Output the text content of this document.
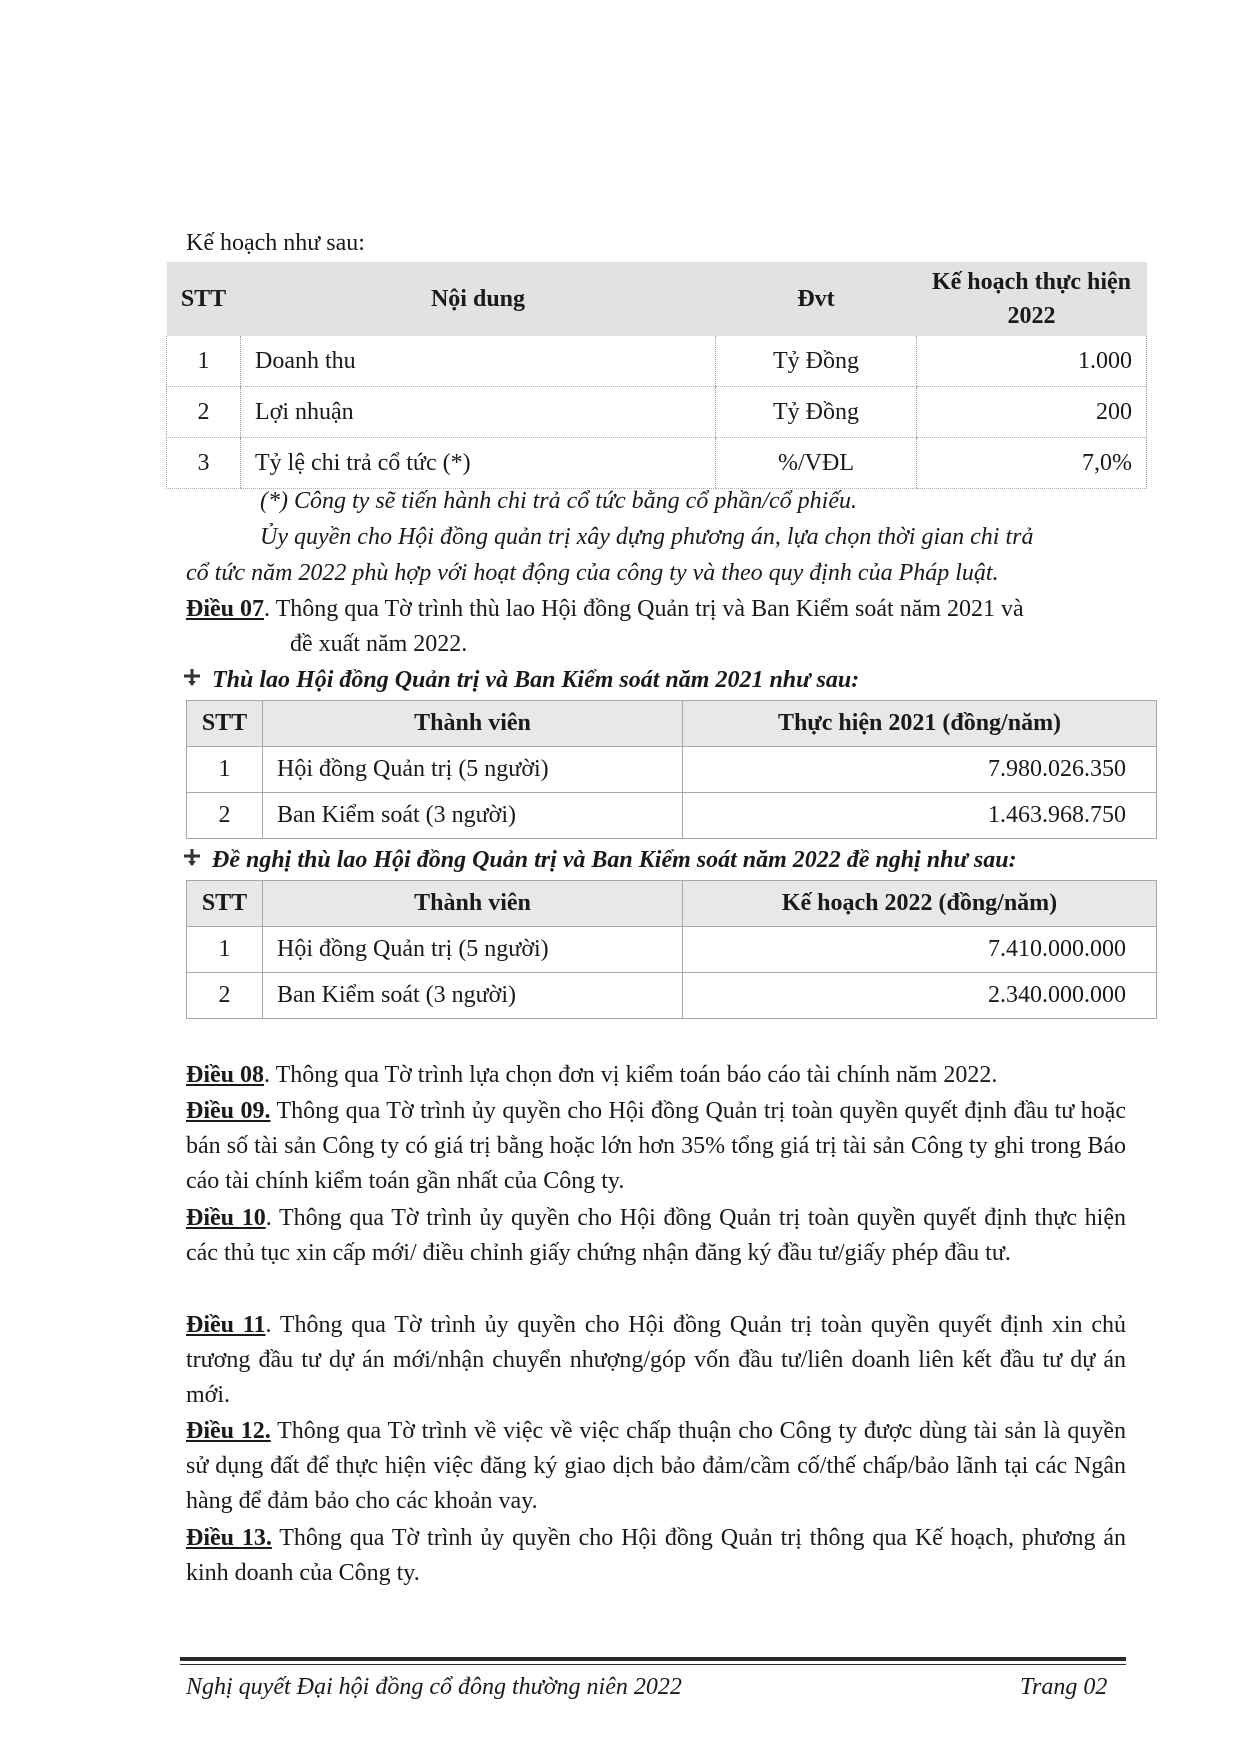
Kế hoạch như sau:
STT	Nội dung	Đvt	Kế hoạch thực hiện 2022
1	Doanh thu	Tỷ Đồng	1.000
2	Lợi nhuận	Tỷ Đồng	200
3	Tỷ lệ chi trả cổ tức (*)	%/VĐL	7,0%
(*) Công ty sẽ tiến hành chi trả cổ tức bằng cổ phần/cổ phiếu.
Ủy quyền cho Hội đồng quản trị xây dựng phương án, lựa chọn thời gian chi trả
cổ tức năm 2022 phù hợp với hoạt động của công ty và theo quy định của Pháp luật.
Điều 07. Thông qua Tờ trình thù lao Hội đồng Quản trị và Ban Kiểm soát năm 2021 và
đề xuất năm 2022.
Thù lao Hội đồng Quản trị và Ban Kiểm soát năm 2021 như sau:
STT	Thành viên	Thực hiện 2021 (đồng/năm)
1	Hội đồng Quản trị (5 người)	7.980.026.350
2	Ban Kiểm soát (3 người)	1.463.968.750
Đề nghị thù lao Hội đồng Quản trị và Ban Kiểm soát năm 2022 đề nghị như sau:
STT	Thành viên	Kế hoạch 2022 (đồng/năm)
1	Hội đồng Quản trị (5 người)	7.410.000.000
2	Ban Kiểm soát (3 người)	2.340.000.000
Điều 08. Thông qua Tờ trình lựa chọn đơn vị kiểm toán báo cáo tài chính năm 2022.
Điều 09. Thông qua Tờ trình ủy quyền cho Hội đồng Quản trị toàn quyền quyết định đầu tư hoặc bán số tài sản Công ty có giá trị bằng hoặc lớn hơn 35% tổng giá trị tài sản Công ty ghi trong Báo cáo tài chính kiểm toán gần nhất của Công ty.
Điều 10. Thông qua Tờ trình ủy quyền cho Hội đồng Quản trị toàn quyền quyết định thực hiện các thủ tục xin cấp mới/ điều chỉnh giấy chứng nhận đăng ký đầu tư/giấy phép đầu tư.
Điều 11. Thông qua Tờ trình ủy quyền cho Hội đồng Quản trị toàn quyền quyết định xin chủ trương đầu tư dự án mới/nhận chuyển nhượng/góp vốn đầu tư/liên doanh liên kết đầu tư dự án mới.
Điều 12. Thông qua Tờ trình về việc về việc chấp thuận cho Công ty được dùng tài sản là quyền sử dụng đất để thực hiện việc đăng ký giao dịch bảo đảm/cầm cố/thế chấp/bảo lãnh tại các Ngân hàng để đảm bảo cho các khoản vay.
Điều 13. Thông qua Tờ trình ủy quyền cho Hội đồng Quản trị thông qua Kế hoạch, phương án kinh doanh của Công ty.
Nghị quyết Đại hội đồng cổ đông thường niên 2022	Trang 02
